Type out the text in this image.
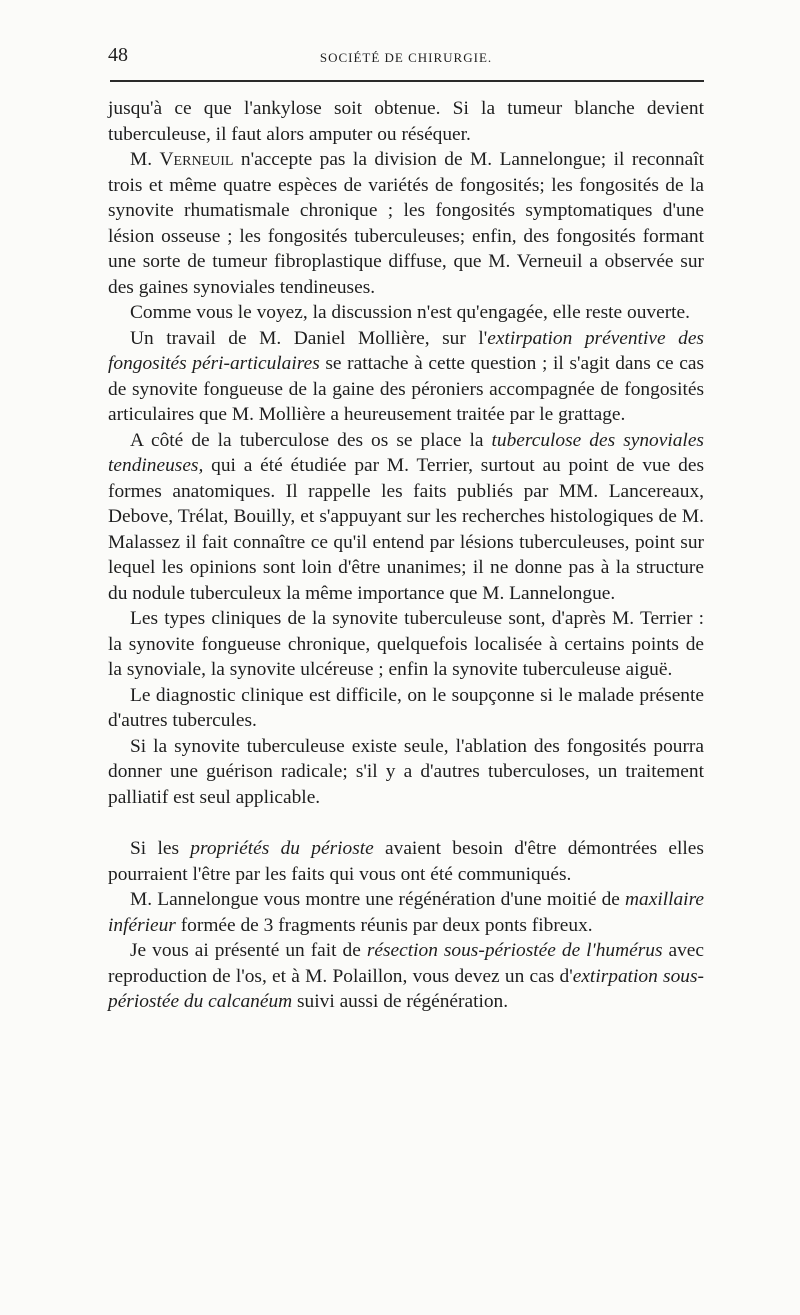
48	SOCIÉTÉ DE CHIRURGIE.

jusqu'à ce que l'ankylose soit obtenue. Si la tumeur blanche devient tuberculeuse, il faut alors amputer ou réséquer.

M. Verneuil n'accepte pas la division de M. Lannelongue; il reconnaît trois et même quatre espèces de variétés de fongosités; les fongosités de la synovite rhumatismale chronique ; les fongosités symptomatiques d'une lésion osseuse ; les fongosités tuberculeuses; enfin, des fongosités formant une sorte de tumeur fibroplastique diffuse, que M. Verneuil a observée sur des gaines synoviales tendineuses.

Comme vous le voyez, la discussion n'est qu'engagée, elle reste ouverte.

Un travail de M. Daniel Mollière, sur l'extirpation préventive des fongosités péri-articulaires se rattache à cette question ; il s'agit dans ce cas de synovite fongueuse de la gaine des péroniers accompagnée de fongosités articulaires que M. Mollière a heureusement traitée par le grattage.

A côté de la tuberculose des os se place la tuberculose des synoviales tendineuses, qui a été étudiée par M. Terrier, surtout au point de vue des formes anatomiques. Il rappelle les faits publiés par MM. Lancereaux, Debove, Trélat, Bouilly, et s'appuyant sur les recherches histologiques de M. Malassez il fait connaître ce qu'il entend par lésions tuberculeuses, point sur lequel les opinions sont loin d'être unanimes; il ne donne pas à la structure du nodule tuberculeux la même importance que M. Lannelongue.

Les types cliniques de la synovite tuberculeuse sont, d'après M. Terrier : la synovite fongueuse chronique, quelquefois localisée à certains points de la synoviale, la synovite ulcéreuse ; enfin la synovite tuberculeuse aiguë.

Le diagnostic clinique est difficile, on le soupçonne si le malade présente d'autres tubercules.

Si la synovite tuberculeuse existe seule, l'ablation des fongosités pourra donner une guérison radicale; s'il y a d'autres tuberculoses, un traitement palliatif est seul applicable.

Si les propriétés du périoste avaient besoin d'être démontrées elles pourraient l'être par les faits qui vous ont été communiqués.

M. Lannelongue vous montre une régénération d'une moitié de maxillaire inférieur formée de 3 fragments réunis par deux ponts fibreux.

Je vous ai présenté un fait de résection sous-périostée de l'humérus avec reproduction de l'os, et à M. Polaillon, vous devez un cas d'extirpation sous-périostée du calcanéum suivi aussi de régénération.
